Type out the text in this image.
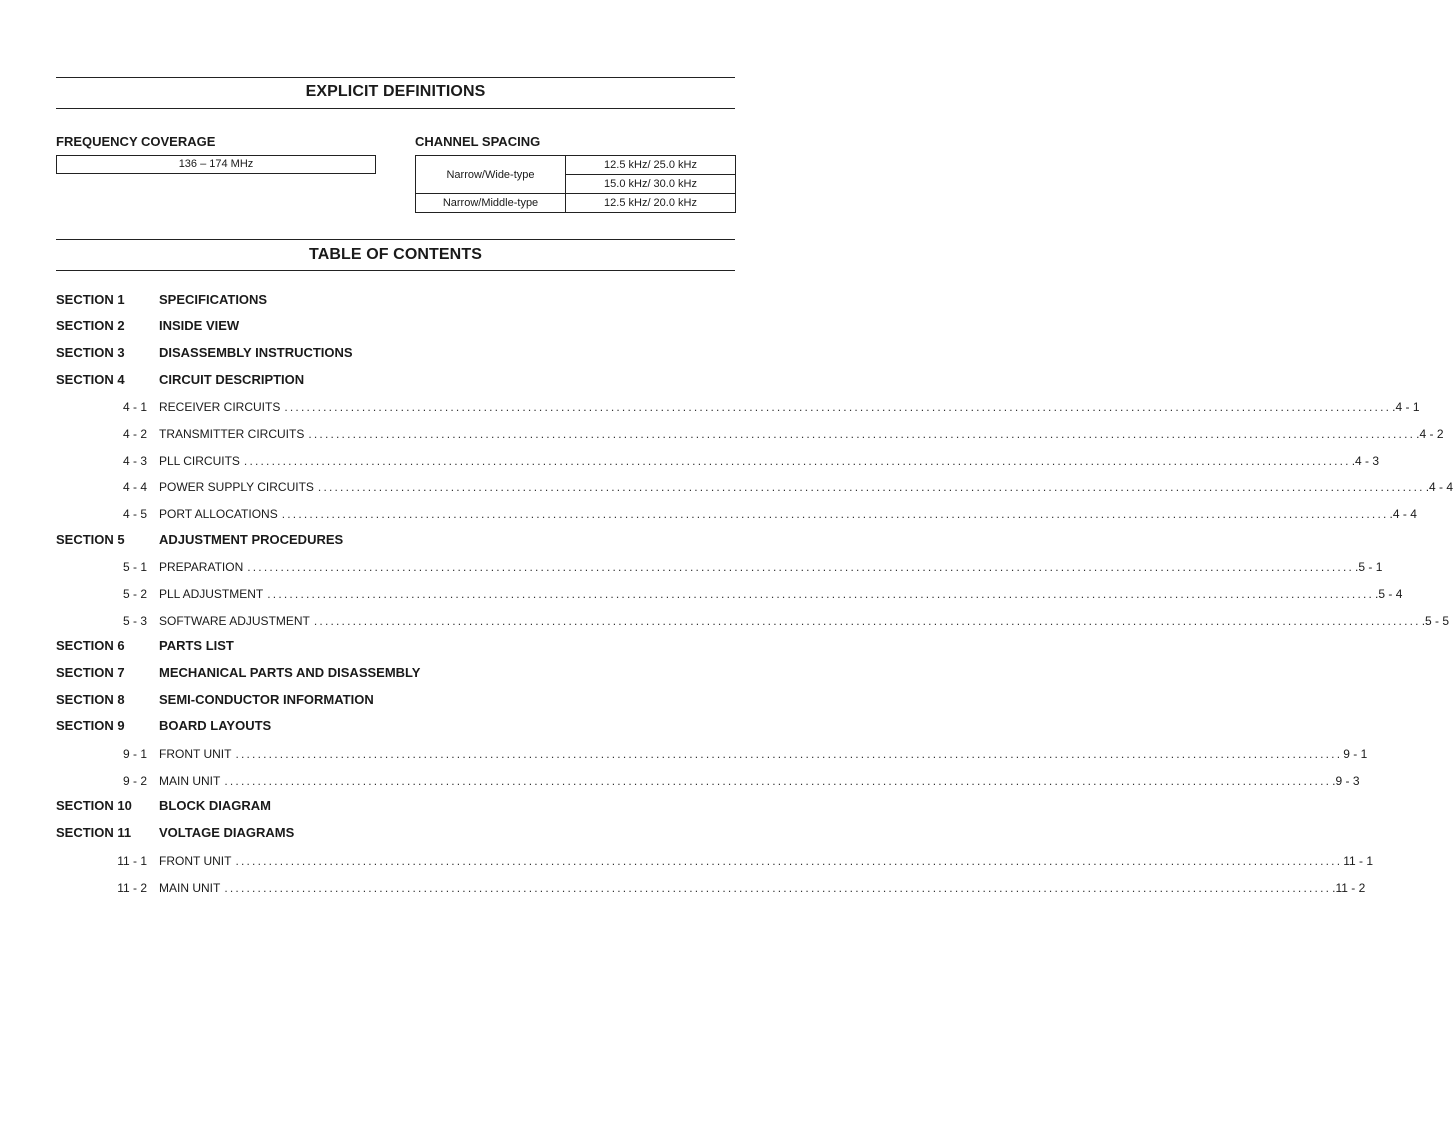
EXPLICIT DEFINITIONS
FREQUENCY COVERAGE
136 – 174 MHz
CHANNEL SPACING
Narrow/Wide-type	12.5 kHz/ 25.0 kHz
	15.0 kHz/ 30.0 kHz
Narrow/Middle-type	12.5 kHz/ 20.0 kHz
TABLE OF CONTENTS
SECTION 1	SPECIFICATIONS
SECTION 2	INSIDE VIEW
SECTION 3	DISASSEMBLY INSTRUCTIONS
SECTION 4	CIRCUIT DESCRIPTION
4 - 1 RECEIVER CIRCUITS ........................................................................................................................................................................................................ .4 - 1
4 - 2 TRANSMITTER CIRCUITS ........................................................................................................................................................................................................ .4 - 2
4 - 3 PLL CIRCUITS ........................................................................................................................................................................................................ .4 - 3
4 - 4 POWER SUPPLY CIRCUITS ........................................................................................................................................................................................................ .4 - 4
4 - 5 PORT ALLOCATIONS ........................................................................................................................................................................................................ .4 - 4
SECTION 5	ADJUSTMENT PROCEDURES
5 - 1 PREPARATION ........................................................................................................................................................................................................ .5 - 1
5 - 2 PLL ADJUSTMENT ........................................................................................................................................................................................................ .5 - 4
5 - 3 SOFTWARE ADJUSTMENT ........................................................................................................................................................................................................ .5 - 5
SECTION 6	PARTS LIST
SECTION 7	MECHANICAL PARTS AND DISASSEMBLY
SECTION 8	SEMI-CONDUCTOR INFORMATION
SECTION 9	BOARD LAYOUTS
9 - 1 FRONT UNIT ........................................................................................................................................................................................................ 9 - 1
9 - 2 MAIN UNIT ........................................................................................................................................................................................................ .9 - 3
SECTION 10 BLOCK DIAGRAM
SECTION 11 VOLTAGE DIAGRAMS
11 - 1 FRONT UNIT ........................................................................................................................................................................................................ 11 - 1
11 - 2 MAIN UNIT ........................................................................................................................................................................................................ .11 - 2
